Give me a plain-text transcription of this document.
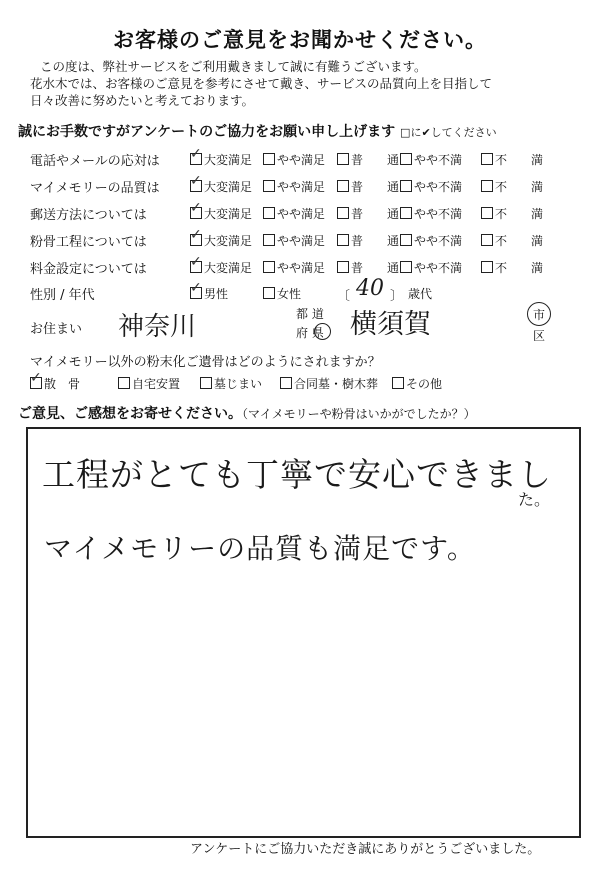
お客様のご意見をお聞かせください。
この度は、弊社サービスをご利用戴きまして誠に有難うございます。
花水木では、お客様のご意見を参考にさせて戴き、サービスの品質向上を目指して
日々改善に努めたいと考えております。
誠にお手数ですがアンケートのご協力をお願い申し上げます □に✔してください
電話やメールの応対は ✓	大変満足	やや満足	普　　通	やや不満	不　　満
マイメモリーの品質は ✓	大変満足	やや満足	普　　通	やや不満	不　　満
郵送方法については ✓	大変満足	やや満足	普　　通	やや不満	不　　満
粉骨工程については ✓	大変満足	やや満足	普　　通	やや不満	不　　満
料金設定については ✓	大変満足	やや満足	普　　通	やや不満	不　　満
性別 / 年代 ✓	男性	女性	〔 40 〕 歳代
お住まい 神奈川	都 道
府 県 横須賀	市
区
マイメモリー以外の粉末化ご遺骨はどのようにされますか？
✓散　骨	自宅安置	墓じまい	合同墓・樹木葬	その他
ご意見、ご感想をお寄せください。（マイメモリーや粉骨はいかがでしたか？）
工程がとても丁寧で安心できまし
た。
マイメモリーの品質も満足です。
アンケートにご協力いただき誠にありがとうございました。
